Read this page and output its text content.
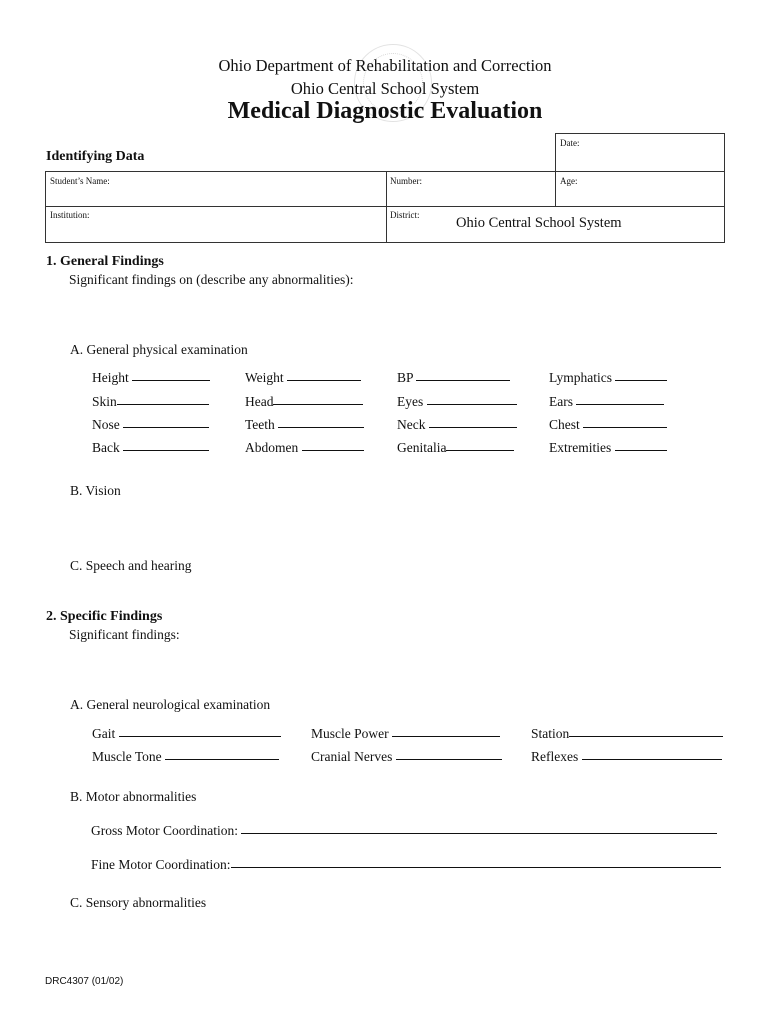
Ohio Department of Rehabilitation and Correction
Ohio Central School System
Medical Diagnostic Evaluation
Identifying Data
Date:
Student’s Name:	Number:	Age:
Institution:	District:	Ohio Central School System
1. General Findings
Significant findings on (describe any abnormalities):
A. General physical examination
Height	Weight	BP	Lymphatics
Skin	Head	Eyes	Ears
Nose	Teeth	Neck	Chest
Back	Abdomen	Genitalia	Extremities
B. Vision
C. Speech and hearing
2. Specific Findings
Significant findings:
A. General neurological examination
Gait	Muscle Power	Station
Muscle Tone	Cranial Nerves	Reflexes
B. Motor abnormalities
Gross Motor Coordination:
Fine Motor Coordination:
C. Sensory abnormalities
DRC4307 (01/02)
